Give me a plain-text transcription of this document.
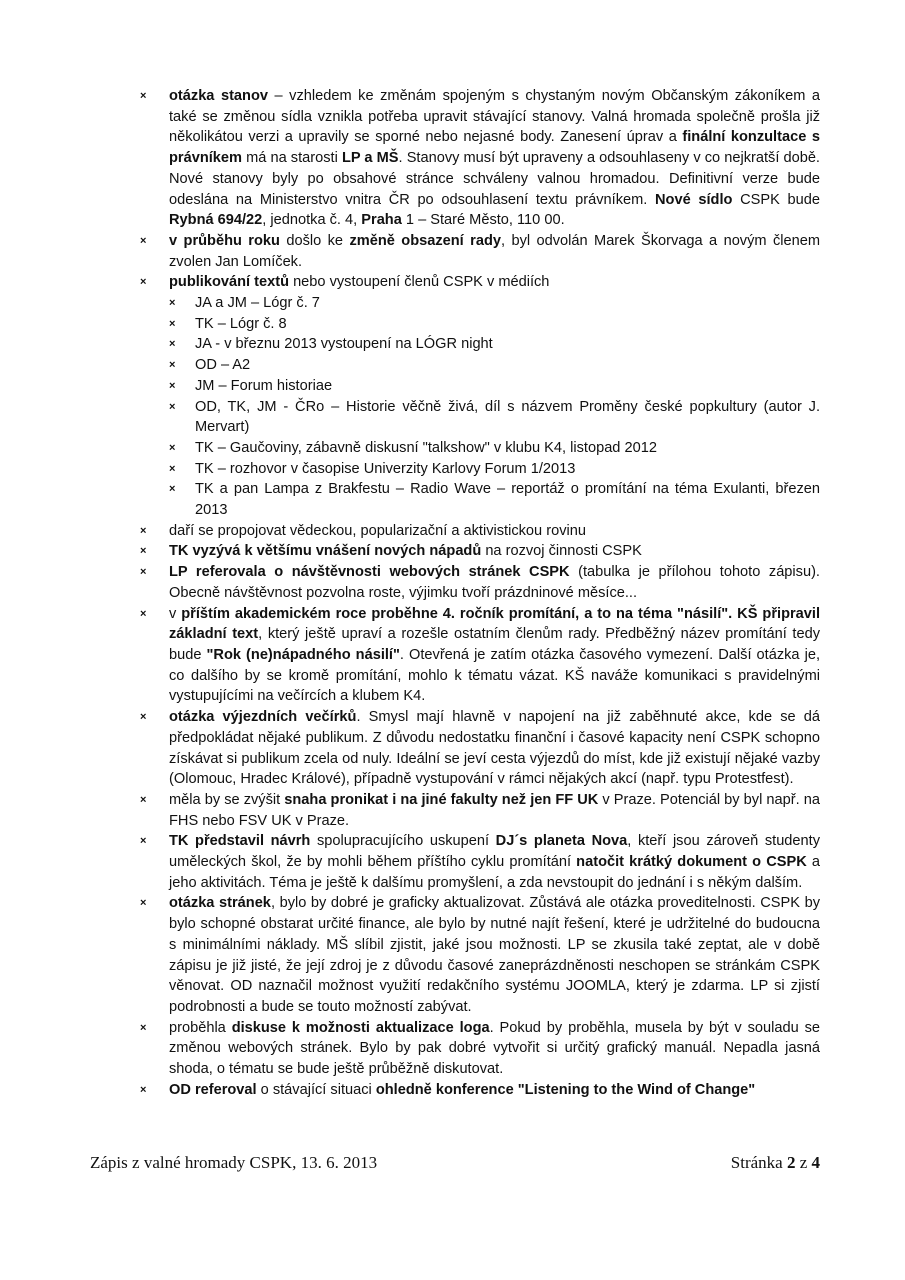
× otázka stanov – vzhledem ke změnám spojeným s chystaným novým Občanským zákoníkem a také se změnou sídla vznikla potřeba upravit stávající stanovy. Valná hromada společně prošla již několikátou verzi a upravily se sporné nebo nejasné body. Zanesení úprav a finální konzultace s právníkem má na starosti LP a MŠ. Stanovy musí být upraveny a odsouhlaseny v co nejkratší době. Nové stanovy byly po obsahové stránce schváleny valnou hromadou. Definitivní verze bude odeslána na Ministerstvo vnitra ČR po odsouhlasení textu právníkem. Nové sídlo CSPK bude Rybná 694/22, jednotka č. 4, Praha 1 – Staré Město, 110 00.
× v průběhu roku došlo ke změně obsazení rady, byl odvolán Marek Škorvaga a novým členem zvolen Jan Lomíček.
× publikování textů nebo vystoupení členů CSPK v médiích
× JA a JM – Lógr č. 7
× TK – Lógr č. 8
× JA - v březnu 2013 vystoupení na LÓGR night
× OD – A2
× JM – Forum historiae
× OD, TK, JM - ČRo – Historie věčně živá, díl s názvem Proměny české popkultury (autor J. Mervart)
× TK – Gaučoviny, zábavně diskusní "talkshow" v klubu K4, listopad 2012
× TK – rozhovor v časopise Univerzity Karlovy Forum 1/2013
× TK a pan Lampa z Brakfestu – Radio Wave – reportáž o promítání na téma Exulanti, březen 2013
× daří se propojovat vědeckou, popularizační a aktivistickou rovinu
× TK vyzývá k většímu vnášení nových nápadů na rozvoj činnosti CSPK
× LP referovala o návštěvnosti webových stránek CSPK (tabulka je přílohou tohoto zápisu). Obecně návštěvnost pozvolna roste, výjimku tvoří prázdninové měsíce...
× v příštím akademickém roce proběhne 4. ročník promítání, a to na téma "násilí". KŠ připravil základní text, který ještě upraví a rozešle ostatním členům rady. Předběžný název promítání tedy bude "Rok (ne)nápadného násilí". Otevřená je zatím otázka časového vymezení. Další otázka je, co dalšího by se kromě promítání, mohlo k tématu vázat. KŠ naváže komunikaci s pravidelnými vystupujícími na večírcích a klubem K4.
× otázka výjezdních večírků. Smysl mají hlavně v napojení na již zaběhnuté akce, kde se dá předpokládat nějaké publikum. Z důvodu nedostatku finanční i časové kapacity není CSPK schopno získávat si publikum zcela od nuly. Ideální se jeví cesta výjezdů do míst, kde již existují nějaké vazby (Olomouc, Hradec Králové), případně vystupování v rámci nějakých akcí (např. typu Protestfest).
× měla by se zvýšit snaha pronikat i na jiné fakulty než jen FF UK v Praze. Potenciál by byl např. na FHS nebo FSV UK v Praze.
× TK představil návrh spolupracujícího uskupení DJ´s planeta Nova, kteří jsou zároveň studenty uměleckých škol, že by mohli během příštího cyklu promítání natočit krátký dokument o CSPK a jeho aktivitách. Téma je ještě k dalšímu promyšlení, a zda nevstoupit do jednání i s někým dalším.
× otázka stránek, bylo by dobré je graficky aktualizovat. Zůstává ale otázka proveditelnosti. CSPK by bylo schopné obstarat určité finance, ale bylo by nutné najít řešení, které je udržitelné do budoucna s minimálními náklady. MŠ slíbil zjistit, jaké jsou možnosti. LP se zkusila také zeptat, ale v době zápisu je již jisté, že její zdroj je z důvodu časové zaneprázdněnosti neschopen se stránkám CSPK věnovat. OD naznačil možnost využití redakčního systému JOOMLA, který je zdarma. LP si zjistí podrobnosti a bude se touto možností zabývat.
× proběhla diskuse k možnosti aktualizace loga. Pokud by proběhla, musela by být v souladu se změnou webových stránek. Bylo by pak dobré vytvořit si určitý grafický manuál. Nepadla jasná shoda, o tématu se bude ještě průběžně diskutovat.
× OD referoval o stávající situaci ohledně konference "Listening to the Wind of Change"
Zápis z valné hromady CSPK, 13. 6. 2013	Stránka 2 z 4
